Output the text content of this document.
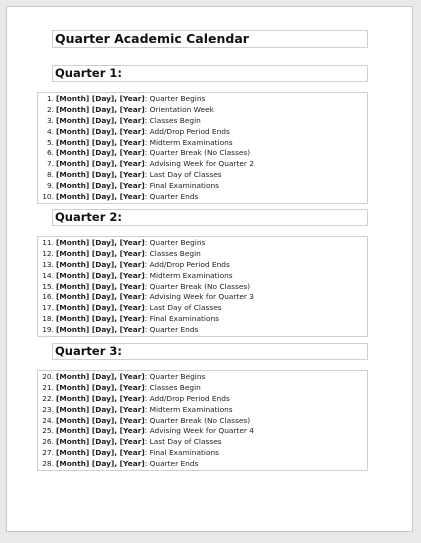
Quarter Academic Calendar
Quarter 1:
1. [Month] [Day], [Year]: Quarter Begins
2. [Month] [Day], [Year]: Orientation Week
3. [Month] [Day], [Year]: Classes Begin
4. [Month] [Day], [Year]: Add/Drop Period Ends
5. [Month] [Day], [Year]: Midterm Examinations
6. [Month] [Day], [Year]: Quarter Break (No Classes)
7. [Month] [Day], [Year]: Advising Week for Quarter 2
8. [Month] [Day], [Year]: Last Day of Classes
9. [Month] [Day], [Year]: Final Examinations
10. [Month] [Day], [Year]: Quarter Ends
Quarter 2:
11. [Month] [Day], [Year]: Quarter Begins
12. [Month] [Day], [Year]: Classes Begin
13. [Month] [Day], [Year]: Add/Drop Period Ends
14. [Month] [Day], [Year]: Midterm Examinations
15. [Month] [Day], [Year]: Quarter Break (No Classes)
16. [Month] [Day], [Year]: Advising Week for Quarter 3
17. [Month] [Day], [Year]: Last Day of Classes
18. [Month] [Day], [Year]: Final Examinations
19. [Month] [Day], [Year]: Quarter Ends
Quarter 3:
20. [Month] [Day], [Year]: Quarter Begins
21. [Month] [Day], [Year]: Classes Begin
22. [Month] [Day], [Year]: Add/Drop Period Ends
23. [Month] [Day], [Year]: Midterm Examinations
24. [Month] [Day], [Year]: Quarter Break (No Classes)
25. [Month] [Day], [Year]: Advising Week for Quarter 4
26. [Month] [Day], [Year]: Last Day of Classes
27. [Month] [Day], [Year]: Final Examinations
28. [Month] [Day], [Year]: Quarter Ends
